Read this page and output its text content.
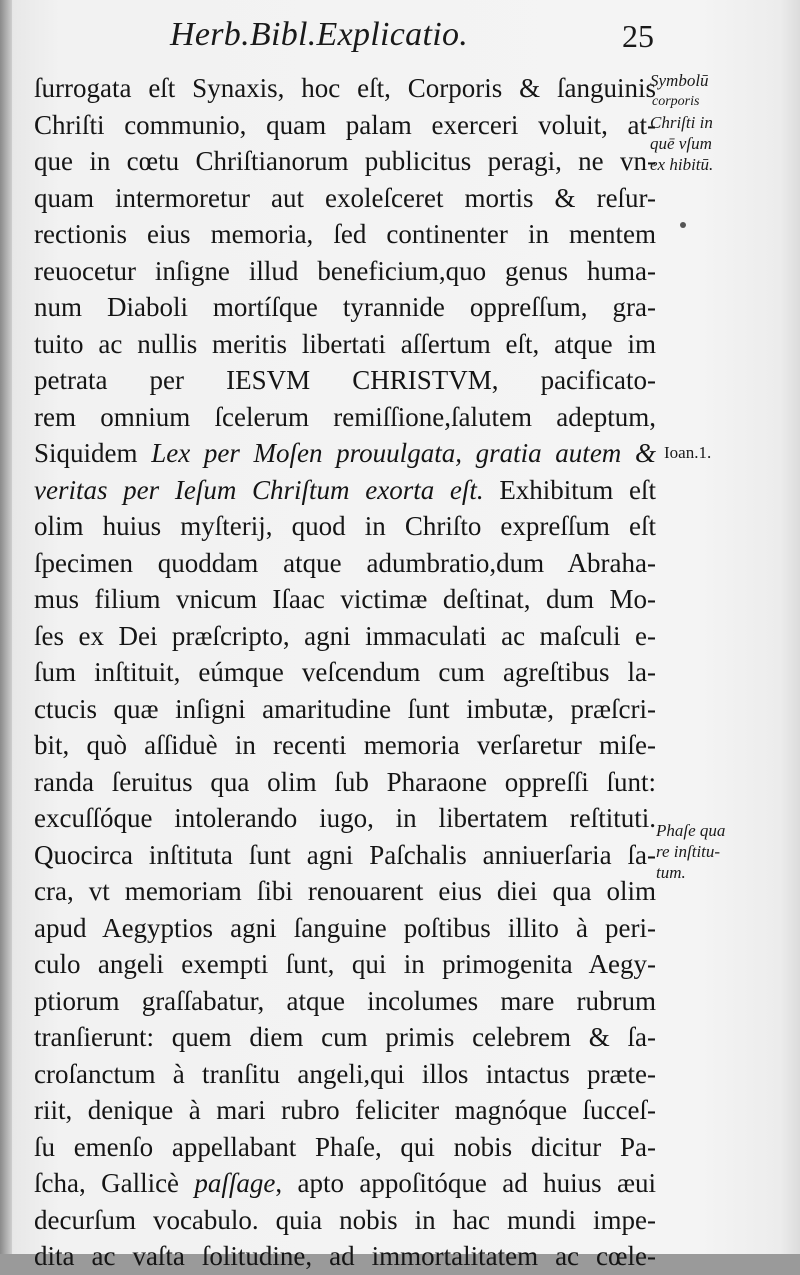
Herb.Bibl.Explicatio.	25
ſurrogata eſt Synaxis, hoc eſt, Corporis & ſanguinis
Chriſti communio, quam palam exerceri voluit, at-
que in cœtu Chriſtianorum publicitus peragi, ne vn-
quam intermoretur aut exoleſceret mortis & reſur-
rectionis eius memoria, ſed continenter in mentem
reuocetur inſigne illud beneficium,quo genus huma-
num Diaboli mortíſque tyrannide oppreſſum, gra-
tuito ac nullis meritis libertati aſſertum eſt, atque im
petrata per IESVM CHRISTVM, pacificato-
rem omnium ſcelerum remiſſione,ſalutem adeptum,
Siquidem Lex per Moſen prouulgata, gratia autem &
veritas per Ieſum Chriſtum exorta eſt. Exhibitum eſt
olim huius myſterij, quod in Chriſto expreſſum eſt
ſpecimen quoddam atque adumbratio,dum Abraha-
mus filium vnicum Iſaac victimæ deſtinat, dum Mo-
ſes ex Dei præſcripto, agni immaculati ac maſculi e-
ſum inſtituit, eúmque veſcendum cum agreſtibus la-
ctucis quæ inſigni amaritudine ſunt imbutæ, præſcri-
bit, quò aſſiduè in recenti memoria verſaretur miſe-
randa ſeruitus qua olim ſub Pharaone oppreſſi ſunt:
excuſſóque intolerando iugo, in libertatem reſtituti.
Quocirca inſtituta ſunt agni Paſchalis anniuerſaria ſa-
cra, vt memoriam ſibi renouarent eius diei qua olim
apud Aegyptios agni ſanguine poſtibus illito à peri-
culo angeli exempti ſunt, qui in primogenita Aegy-
ptiorum graſſabatur, atque incolumes mare rubrum
tranſierunt: quem diem cum primis celebrem & ſa-
croſanctum à tranſitu angeli,qui illos intactus præte-
riit, denique à mari rubro feliciter magnóque ſucceſ-
ſu emenſo appellabant Phaſe, qui nobis dicitur Pa-
ſcha, Gallicè paſſage, apto appoſitóque ad huius æui
decurſum vocabulo. quia nobis in hac mundi impe-
dita ac vaſta ſolitudine, ad immortalitatem ac cœle-
Symbolū
corporis
Chriſti in
quē vſum
ex hibitū.
Ioan.1.
Phaſe qua
re inſtitu-
tum.
